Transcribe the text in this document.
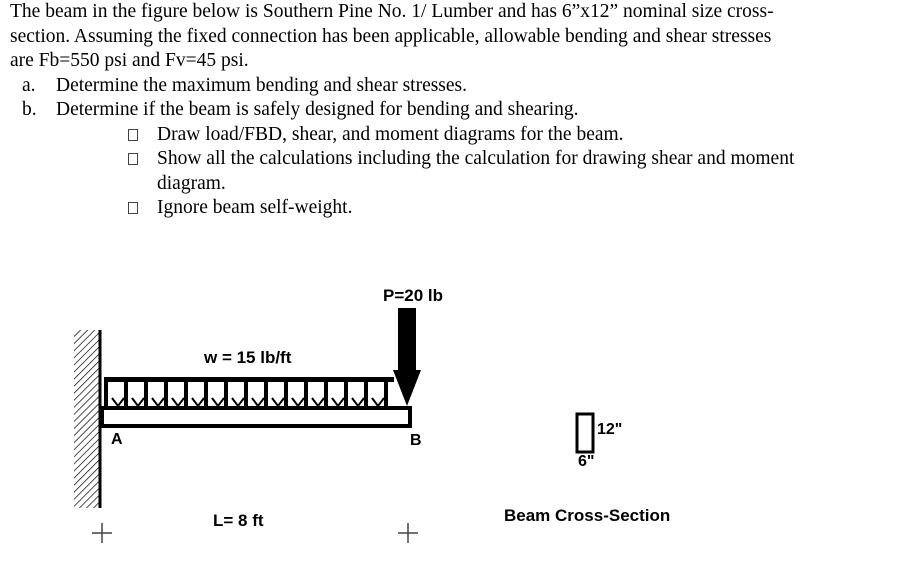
The beam in the figure below is Southern Pine No. 1/ Lumber and has 6”x12” nominal size cross-

section. Assuming the fixed connection has been applicable, allowable bending and shear stresses

are Fb=550 psi and Fv=45 psi.

a. Determine the maximum bending and shear stresses.
b. Determine if the beam is safely designed for bending and shearing.
Draw load/FBD, shear, and moment diagrams for the beam.
Show all the calculations including the calculation for drawing shear and moment
diagram.
Ignore beam self-weight.
P=20 lb
w = 15 lb/ft
A	B
L= 8 ft
12"
6"
Beam Cross-Section
